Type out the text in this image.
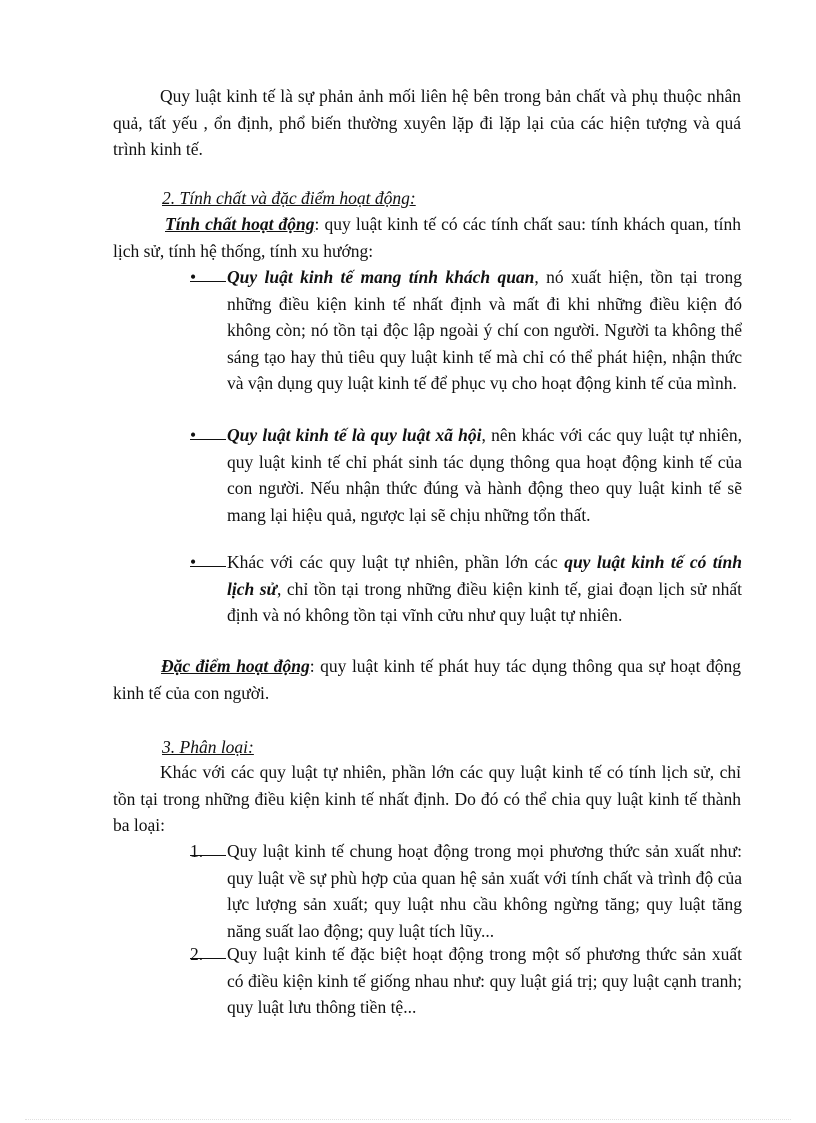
Quy luật kinh tế là sự phản ảnh mối liên hệ bên trong bản chất và phụ thuộc nhân quả, tất yếu , ổn định, phổ biến thường xuyên lặp đi lặp lại của các hiện tượng và quá trình kinh tế.

2. Tính chất và đặc điểm hoạt động:

Tính chất hoạt động: quy luật kinh tế có các tính chất sau: tính khách quan, tính lịch sử, tính hệ thống, tính xu hướng:

•	Quy luật kinh tế mang tính khách quan, nó xuất hiện, tồn tại trong những điều kiện kinh tế nhất định và mất đi khi những điều kiện đó không còn; nó tồn tại độc lập ngoài ý chí con người. Người ta không thể sáng tạo hay thủ tiêu quy luật kinh tế mà chỉ có thể phát hiện, nhận thức và vận dụng quy luật kinh tế để phục vụ cho hoạt động kinh tế của mình.
•	Quy luật kinh tế là quy luật xã hội, nên khác với các quy luật tự nhiên, quy luật kinh tế chỉ phát sinh tác dụng thông qua hoạt động kinh tế của con người. Nếu nhận thức đúng và hành động theo quy luật kinh tế sẽ mang lại hiệu quả, ngược lại sẽ chịu những tổn thất.
•	Khác với các quy luật tự nhiên, phần lớn các quy luật kinh tế có tính lịch sử, chỉ tồn tại trong những điều kiện kinh tế, giai đoạn lịch sử nhất định và nó không tồn tại vĩnh cửu như quy luật tự nhiên.

Đặc điểm hoạt động: quy luật kinh tế phát huy tác dụng thông qua sự hoạt động kinh tế của con người.

3. Phân loại:

Khác với các quy luật tự nhiên, phần lớn các quy luật kinh tế có tính lịch sử, chỉ tồn tại trong những điều kiện kinh tế nhất định. Do đó có thể chia quy luật kinh tế thành ba loại:

1.	Quy luật kinh tế chung hoạt động trong mọi phương thức sản xuất như: quy luật về sự phù hợp của quan hệ sản xuất với tính chất và trình độ của lực lượng sản xuất; quy luật nhu cầu không ngừng tăng; quy luật tăng năng suất lao động; quy luật tích lũy...
2.	Quy luật kinh tế đặc biệt hoạt động trong một số phương thức sản xuất có điều kiện kinh tế giống nhau như: quy luật giá trị; quy luật cạnh tranh; quy luật lưu thông tiền tệ...
